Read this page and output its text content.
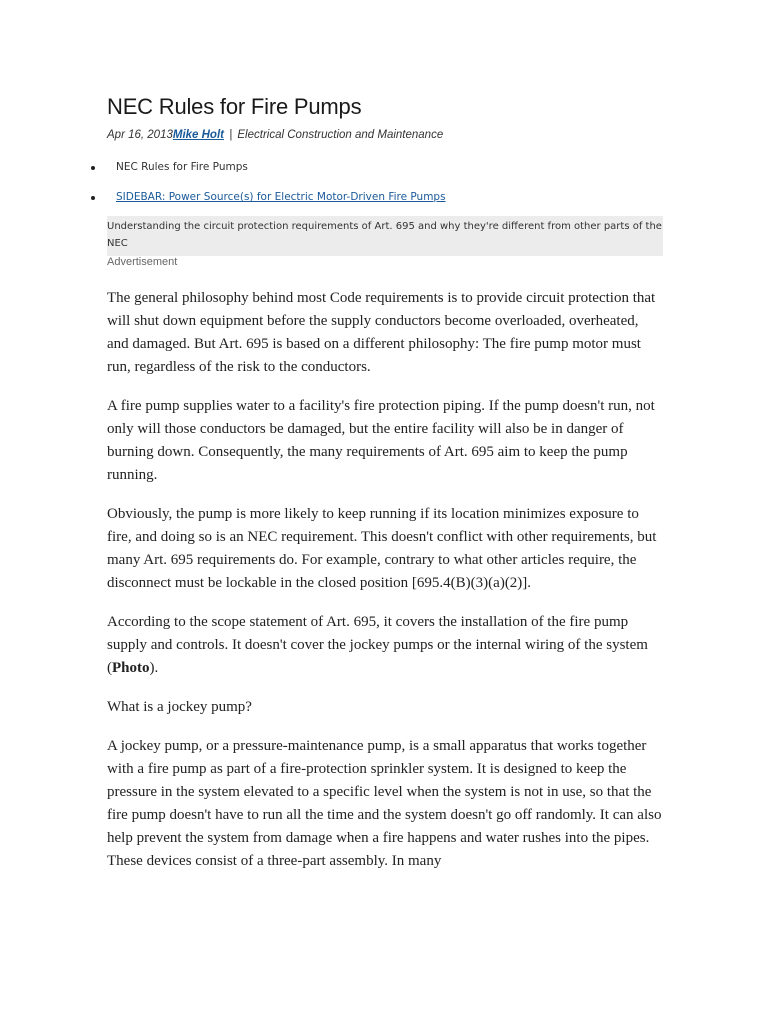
NEC Rules for Fire Pumps
Apr 16, 2013Mike Holt | Electrical Construction and Maintenance
NEC Rules for Fire Pumps
SIDEBAR: Power Source(s) for Electric Motor-Driven Fire Pumps
Understanding the circuit protection requirements of Art. 695 and why they're different from other parts of the NEC
Advertisement

The general philosophy behind most Code requirements is to provide circuit protection that will shut down equipment before the supply conductors become overloaded, overheated, and damaged. But Art. 695 is based on a different philosophy: The fire pump motor must run, regardless of the risk to the conductors.

A fire pump supplies water to a facility's fire protection piping. If the pump doesn't run, not only will those conductors be damaged, but the entire facility will also be in danger of burning down. Consequently, the many requirements of Art. 695 aim to keep the pump running.

Obviously, the pump is more likely to keep running if its location minimizes exposure to fire, and doing so is an NEC requirement. This doesn't conflict with other requirements, but many Art. 695 requirements do. For example, contrary to what other articles require, the disconnect must be lockable in the closed position [695.4(B)(3)(a)(2)].

According to the scope statement of Art. 695, it covers the installation of the fire pump supply and controls. It doesn't cover the jockey pumps or the internal wiring of the system (Photo).

What is a jockey pump?

A jockey pump, or a pressure-maintenance pump, is a small apparatus that works together with a fire pump as part of a fire-protection sprinkler system. It is designed to keep the pressure in the system elevated to a specific level when the system is not in use, so that the fire pump doesn't have to run all the time and the system doesn't go off randomly. It can also help prevent the system from damage when a fire happens and water rushes into the pipes. These devices consist of a three-part assembly. In many
